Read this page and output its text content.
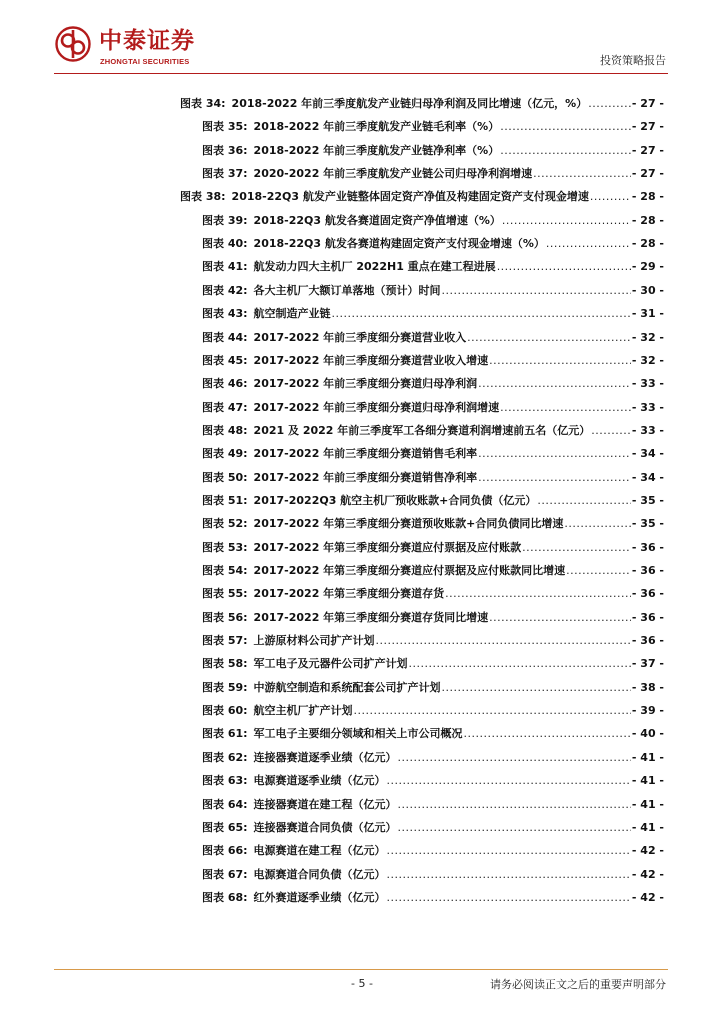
中泰证券
ZHONGTAI SECURITIES	投资策略报告
图表 34: 2018-2022 年前三季度航发产业链归母净利润及同比增速（亿元，%） .....	- 27 -
图表 35: 2018-2022 年前三季度航发产业链毛利率（%） .....	- 27 -
图表 36: 2018-2022 年前三季度航发产业链净利率（%） .....	- 27 -
图表 37: 2020-2022 年前三季度航发产业链公司归母净利润增速 .....	- 27 -
图表 38: 2018-22Q3 航发产业链整体固定资产净值及构建固定资产支付现金增速 .....	- 28 -
图表 39: 2018-22Q3 航发各赛道固定资产净值增速（%） .....	- 28 -
图表 40: 2018-22Q3 航发各赛道构建固定资产支付现金增速（%） .....	- 28 -
图表 41: 航发动力四大主机厂 2022H1 重点在建工程进展 .....	- 29 -
图表 42: 各大主机厂大额订单落地（预计）时间 .....	- 30 -
图表 43: 航空制造产业链 .....	- 31 -
图表 44: 2017-2022 年前三季度细分赛道营业收入 .....	- 32 -
图表 45: 2017-2022 年前三季度细分赛道营业收入增速 .....	- 32 -
图表 46: 2017-2022 年前三季度细分赛道归母净利润 .....	- 33 -
图表 47: 2017-2022 年前三季度细分赛道归母净利润增速 .....	- 33 -
图表 48: 2021 及 2022 年前三季度军工各细分赛道利润增速前五名（亿元） .....	- 33 -
图表 49: 2017-2022 年前三季度细分赛道销售毛利率 .....	- 34 -
图表 50: 2017-2022 年前三季度细分赛道销售净利率 .....	- 34 -
图表 51: 2017-2022Q3 航空主机厂预收账款+合同负债（亿元） .....	- 35 -
图表 52: 2017-2022 年第三季度细分赛道预收账款+合同负债同比增速 .....	- 35 -
图表 53: 2017-2022 年第三季度细分赛道应付票据及应付账款 .....	- 36 -
图表 54: 2017-2022 年第三季度细分赛道应付票据及应付账款同比增速 .....	- 36 -
图表 55: 2017-2022 年第三季度细分赛道存货 .....	- 36 -
图表 56: 2017-2022 年第三季度细分赛道存货同比增速 .....	- 36 -
图表 57: 上游原材料公司扩产计划 .....	- 36 -
图表 58: 军工电子及元器件公司扩产计划 .....	- 37 -
图表 59: 中游航空制造和系统配套公司扩产计划 .....	- 38 -
图表 60: 航空主机厂扩产计划 .....	- 39 -
图表 61: 军工电子主要细分领域和相关上市公司概况 .....	- 40 -
图表 62: 连接器赛道逐季业绩（亿元） .....	- 41 -
图表 63: 电源赛道逐季业绩（亿元） .....	- 41 -
图表 64: 连接器赛道在建工程（亿元） .....	- 41 -
图表 65: 连接器赛道合同负债（亿元） .....	- 41 -
图表 66: 电源赛道在建工程（亿元） .....	- 42 -
图表 67: 电源赛道合同负债（亿元） .....	- 42 -
图表 68: 红外赛道逐季业绩（亿元） .....	- 42 -
- 5 -	请务必阅读正文之后的重要声明部分
